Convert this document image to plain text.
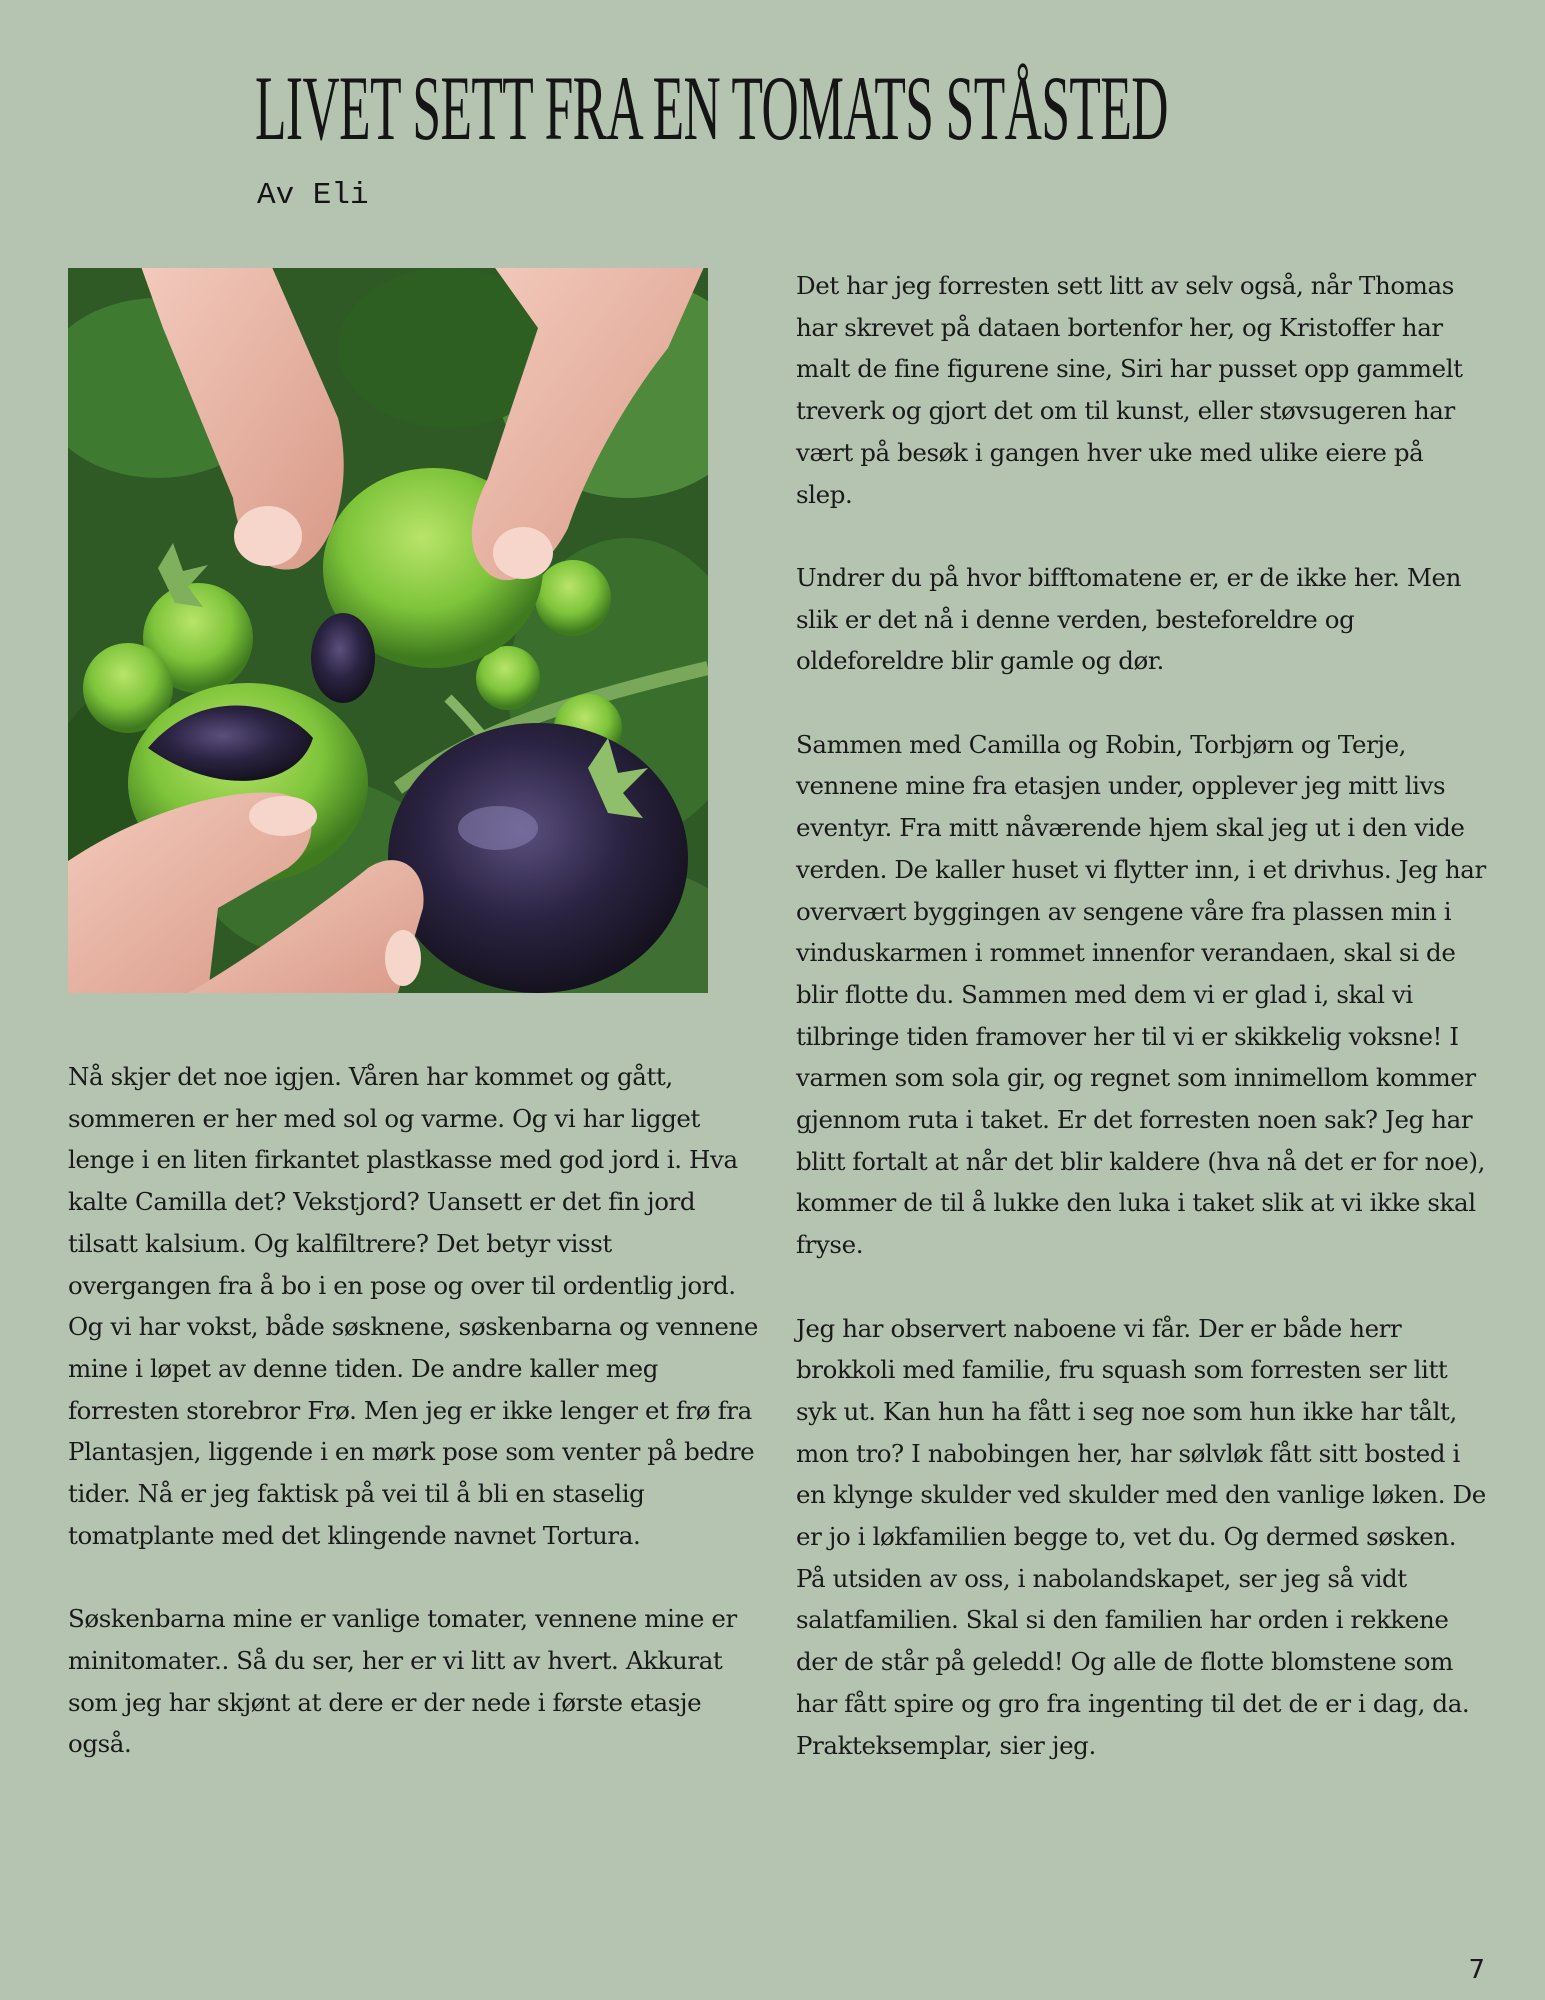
LIVET SETT FRA EN TOMATS STÅSTED
Av Eli

Nå skjer det noe igjen. Våren har kommet og gått, sommeren er her med sol og varme. Og vi har ligget lenge i en liten firkantet plastkasse med god jord i. Hva kalte Camilla det? Vekstjord? Uansett er det fin jord tilsatt kalsium. Og kalfiltrere? Det betyr visst overgangen fra å bo i en pose og over til ordentlig jord. Og vi har vokst, både søsknene, søskenbarna og vennene mine i løpet av denne tiden. De andre kaller meg forresten storebror Frø. Men jeg er ikke lenger et frø fra Plantasjen, liggende i en mørk pose som venter på bedre tider. Nå er jeg faktisk på vei til å bli en staselig tomatplante med det klingende navnet Tortura.

Søskenbarna mine er vanlige tomater, vennene mine er minitomater.. Så du ser, her er vi litt av hvert. Akkurat som jeg har skjønt at dere er der nede i første etasje også.

Det har jeg forresten sett litt av selv også, når Thomas har skrevet på dataen bortenfor her, og Kristoffer har malt de fine figurene sine, Siri har pusset opp gammelt treverk og gjort det om til kunst, eller støvsugeren har vært på besøk i gangen hver uke med ulike eiere på slep.

Undrer du på hvor bifftomatene er, er de ikke her. Men slik er det nå i denne verden, besteforeldre og oldeforeldre blir gamle og dør.

Sammen med Camilla og Robin, Torbjørn og Terje, vennene mine fra etasjen under, opplever jeg mitt livs eventyr. Fra mitt nåværende hjem skal jeg ut i den vide verden. De kaller huset vi flytter inn, i et drivhus. Jeg har overvært byggingen av sengene våre fra plassen min i vinduskarmen i rommet innenfor verandaen, skal si de blir flotte du. Sammen med dem vi er glad i, skal vi tilbringe tiden framover her til vi er skikkelig voksne! I varmen som sola gir, og regnet som innimellom kommer gjennom ruta i taket. Er det forresten noen sak? Jeg har blitt fortalt at når det blir kaldere (hva nå det er for noe), kommer de til å lukke den luka i taket slik at vi ikke skal fryse.

Jeg har observert naboene vi får. Der er både herr brokkoli med familie, fru squash som forresten ser litt syk ut. Kan hun ha fått i seg noe som hun ikke har tålt, mon tro? I nabobingen her, har sølvløk fått sitt bosted i en klynge skulder ved skulder med den vanlige løken. De er jo i løkfamilien begge to, vet du. Og dermed søsken. På utsiden av oss, i nabolandskapet, ser jeg så vidt salatfamilien. Skal si den familien har orden i rekkene der de står på geledd! Og alle de flotte blomstene som har fått spire og gro fra ingenting til det de er i dag, da. Prakteksemplar, sier jeg.

7
